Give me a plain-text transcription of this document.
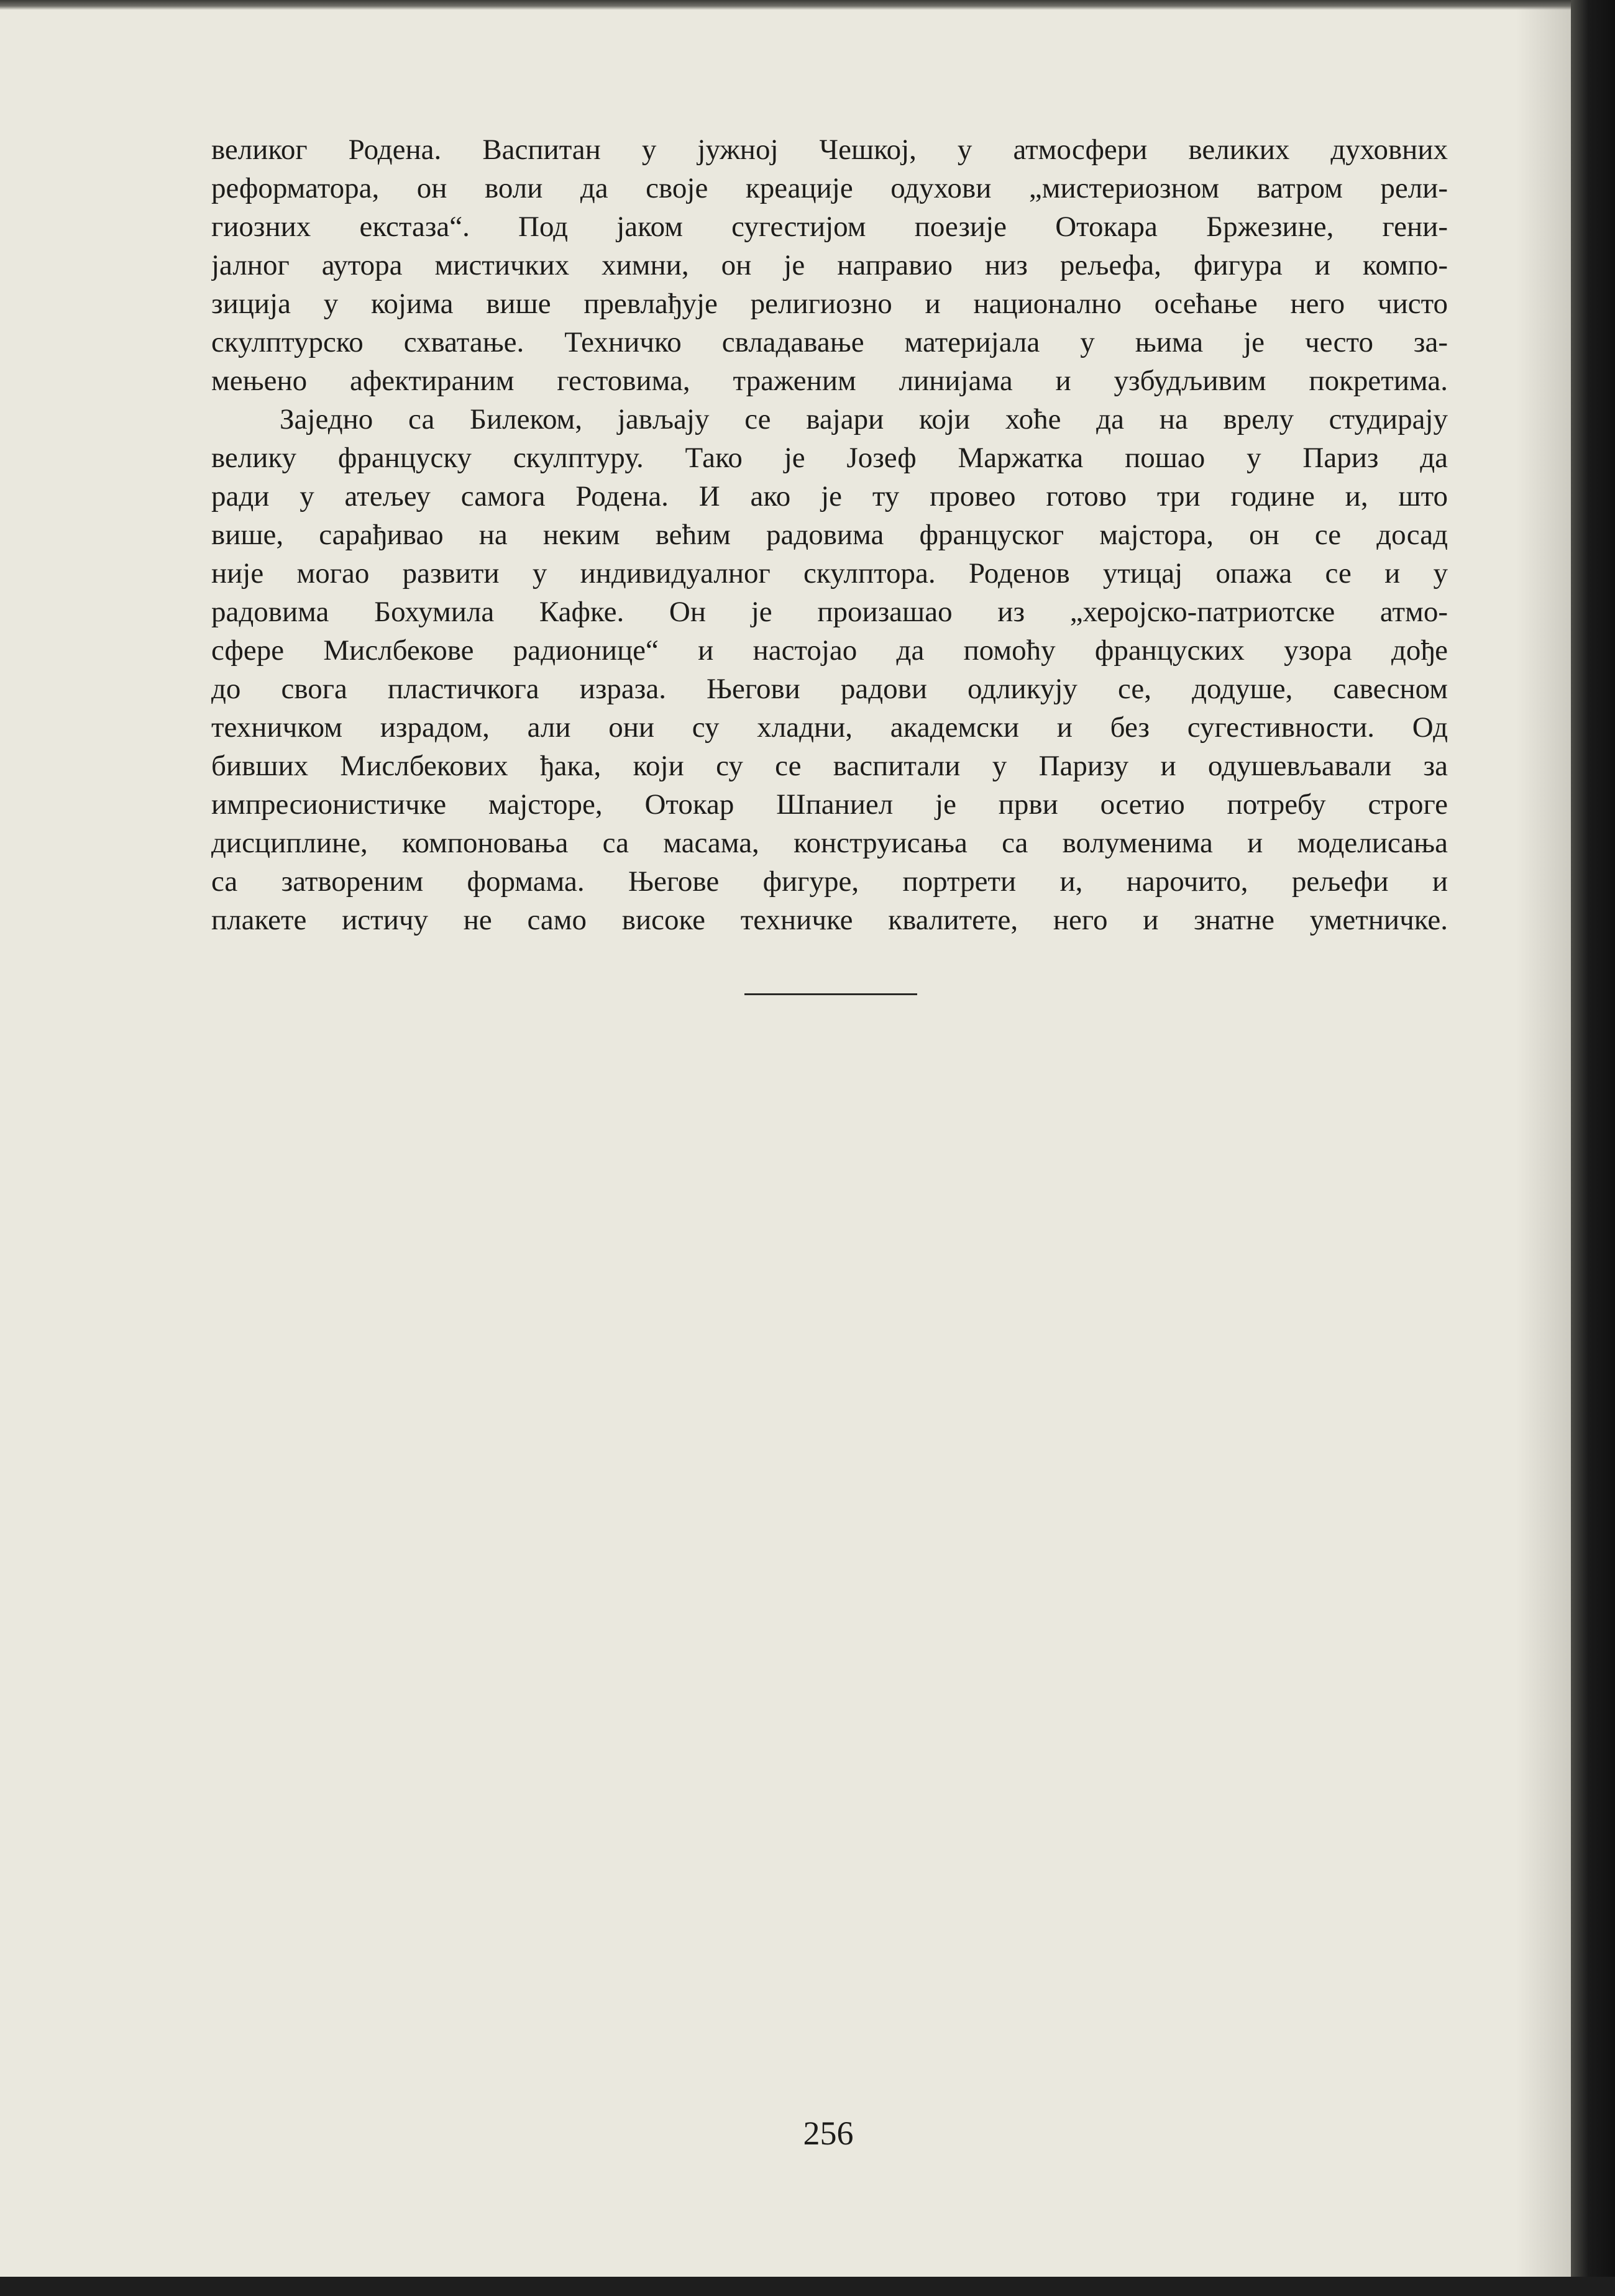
великог Родена. Васпитан у јужној Чешкој, у атмосфери великих духовних
реформатора, он воли да своје креације одухови „мистериозном ватром рели-
гиозних екстаза“. Под јаком сугестијом поезије Отокара Бржезине, гени-
јалног аутора мистичких химни, он је направио низ рељефа, фигура и компо-
зиција у којима више превлађује религиозно и национално осећање него чисто
скулптурско схватање. Техничко свладавање материјала у њима је често за-
мењено афектираним гестовима, траженим линијама и узбудљивим покретима.

Заједно са Билеком, јављају се вајари који хоће да на врелу студирају
велику француску скулптуру. Тако је Јозеф Маржатка пошао у Париз да
ради у атељеу самога Родена. И ако је ту провео готово три године и, што
више, сарађивао на неким већим радовима француског мајстора, он се досад
није могао развити у индивидуалног скулптора. Роденов утицај опажа се и у
радовима Бохумила Кафке. Он је произашао из „херојско-патриотске атмо-
сфере Мислбекове радионице“ и настојао да помоћу француских узора дође
до свога пластичкога израза. Његови радови одликују се, додуше, савесном
техничком израдом, али они су хладни, академски и без сугестивности. Од
бивших Мислбекових ђака, који су се васпитали у Паризу и одушевљавали за
импресионистичке мајсторе, Отокар Шпаниел је први осетио потребу строге
дисциплине, компоновања са масама, конструисања са волуменима и моделисања
са затвореним формама. Његове фигуре, портрети и, нарочито, рељефи и
плакете истичу не само високе техничке квалитете, него и знатне уметничке.

256
